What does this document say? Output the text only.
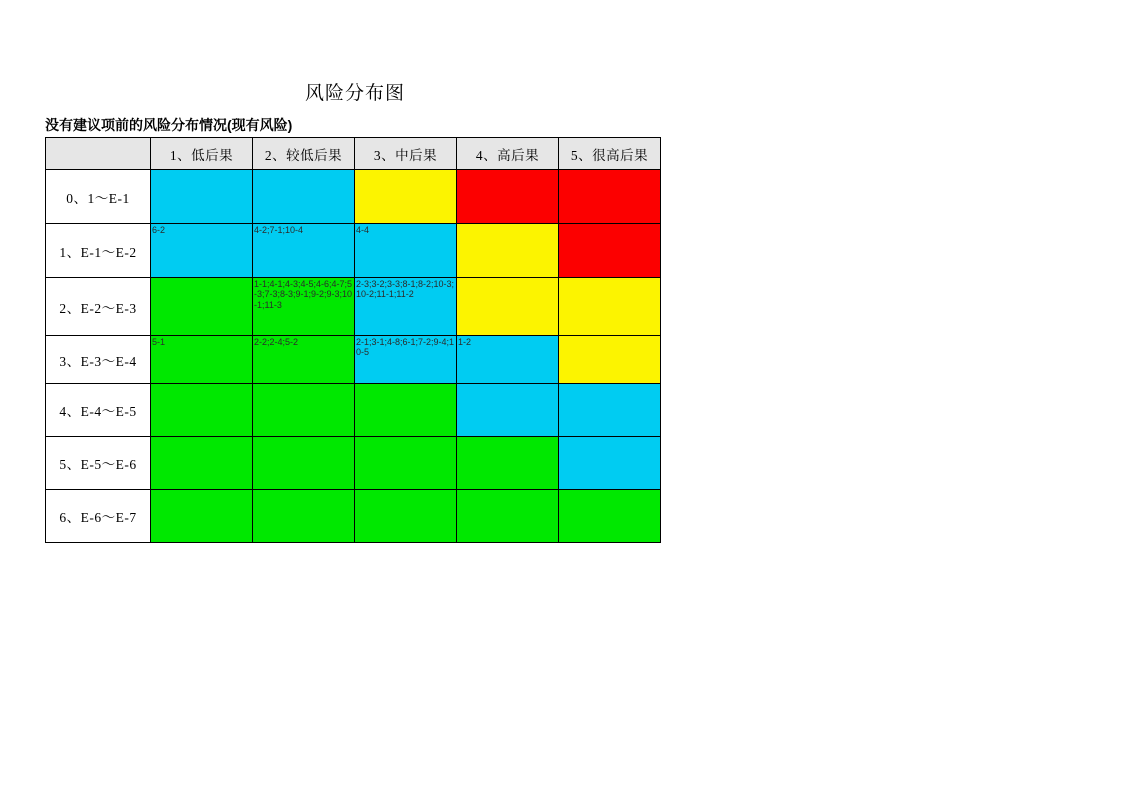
风险分布图
没有建议项前的风险分布情况(现有风险)
	1、低后果	2、较低后果	3、中后果	4、高后果	5、很高后果
0、1～E-1					
1、E-1～E-2	6-2	4-2;7-1;10-4	4-4		

2、E-2～E-3		1-1;4-1;4-3;4-5;4-6;4-7;5-3;7-3;8-3;9-1;9-2;9-3;10-1;11-3	2-3;3-2;3-3;8-1;8-2;10-3;10-2;11-1;11-2		

3、E-3～E-4	5-1	2-2;2-4;5-2	2-1;3-1;4-8;6-1;7-2;9-4;10-5	1-2	

4、E-4～E-5					
5、E-5～E-6					
6、E-6～E-7					
